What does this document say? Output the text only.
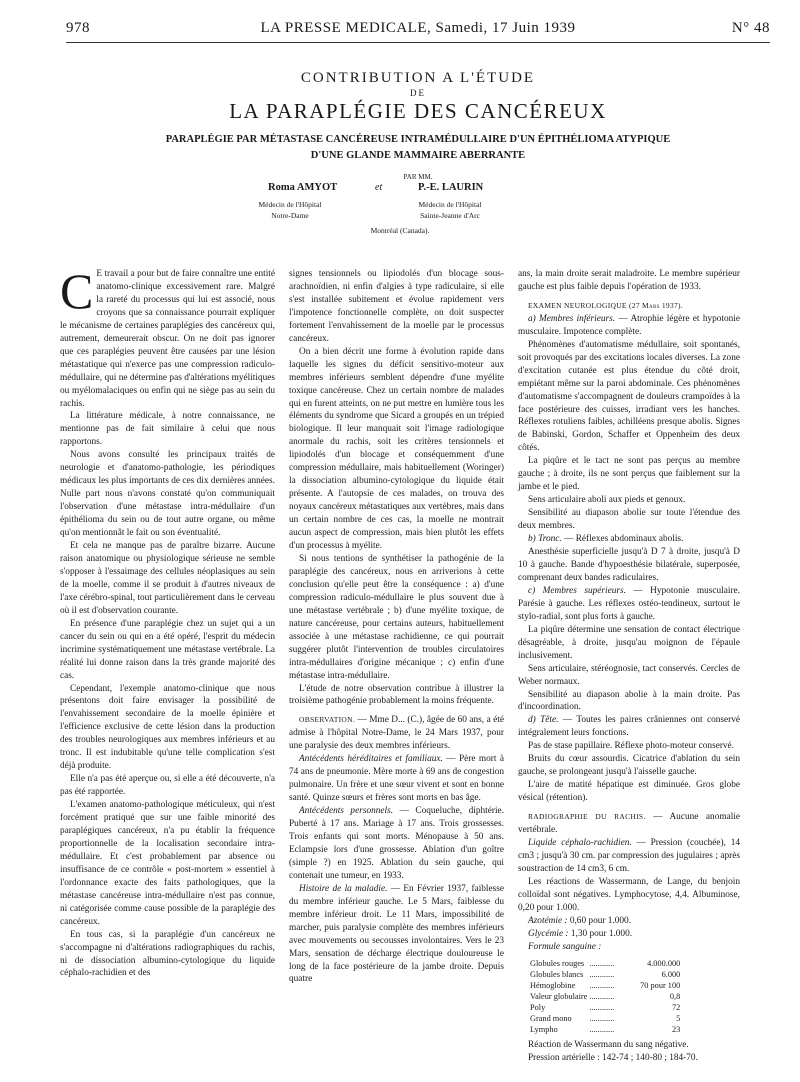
978	LA PRESSE MEDICALE, Samedi, 17 Juin 1939	N° 48

CONTRIBUTION A L'ÉTUDE

DE

LA PARAPLÉGIE DES CANCÉREUX

PARAPLÉGIE PAR MÉTASTASE CANCÉREUSE INTRAMÉDULLAIRE D'UN ÉPITHÉLIOMA ATYPIQUE

D'UNE GLANDE MAMMAIRE ABERRANTE

PAR MM.

Roma AMYOT	et	P.-E. LAURIN
Médecin de l'Hôpital Notre-Dame
Médecin de l'Hôpital Sainte-Jeanne d'Arc
Montréal (Canada).

C E travail a pour but de faire connaître une entité anatomo-clinique excessivement rare. Malgré la rareté du processus qui lui est associé, nous croyons que sa connaissance pourrait expliquer le mécanisme de certaines paraplégies des cancéreux qui, autrement, demeurerait obscur. On ne doit pas ignorer que ces paraplégies peuvent être causées par une lésion métastatique qui n'exerce pas une compression radiculo-médullaire, qui ne détermine pas d'altérations myélitiques ou myélomalaciques ou enfin qui ne siège pas au sein du rachis.

La littérature médicale, à notre connaissance, ne mentionne pas de fait similaire à celui que nous rapportons.

Nous avons consulté les principaux traités de neurologie et d'anatomo-pathologie, les périodiques médicaux les plus importants de ces dix dernières années. Nulle part nous n'avons constaté qu'on communiquait l'observation d'une métastase intra-médullaire d'un épithélioma du sein ou de tout autre organe, ou même qu'on mentionnât le fait ou son éventualité.

Et cela ne manque pas de paraître bizarre. Aucune raison anatomique ou physiologique sérieuse ne semble s'opposer à l'essaimage des cellules néoplasiques au sein de la moelle, comme il se produit à d'autres niveaux de l'axe cérébro-spinal, tout particulièrement dans le cerveau où il est d'observation courante.

En présence d'une paraplégie chez un sujet qui a un cancer du sein ou qui en a été opéré, l'esprit du médecin incrimine systématiquement une métastase vertébrale. La réalité lui donne raison dans la très grande majorité des cas.

Cependant, l'exemple anatomo-clinique que nous présentons doit faire envisager la possibilité de l'envahissement secondaire de la moelle épinière et l'efficience exclusive de cette lésion dans la production des troubles neurologiques aux membres inférieurs et au tronc. Il est indubitable qu'une telle complication s'est déjà produite.

Elle n'a pas été aperçue ou, si elle a été découverte, n'a pas été rapportée.

L'examen anatomo-pathologique méticuleux, qui n'est forcément pratiqué que sur une faible minorité des paraplégiques cancéreux, n'a pu établir la fréquence proportionnelle de la localisation secondaire intra-médullaire. Et c'est probablement par absence ou insuffisance de ce contrôle « post-mortem » essentiel à l'ordonnance exacte des faits pathologiques, que la métastase cancéreuse intra-médullaire n'est pas connue, ni catégorisée comme cause possible de la paraplégie des cancéreux.

En tous cas, si la paraplégie d'un cancéreux ne s'accompagne ni d'altérations radiographiques du rachis, ni de dissociation albumino-cytologique du liquide céphalo-rachidien et des

signes tensionnels ou lipiodolés d'un blocage sous-arachnoïdien, ni enfin d'algies à type radiculaire, si elle s'est installée subitement et évolue rapidement vers l'impotence fonctionnelle complète, on doit suspecter fortement l'envahissement de la moelle par le processus cancéreux.

On a bien décrit une forme à évolution rapide dans laquelle les signes du déficit sensitivo-moteur aux membres inférieurs semblent dépendre d'une myélite toxique cancéreuse. Chez un certain nombre de malades qui en furent atteints, on ne put mettre en lumière tous les éléments du syndrome que Sicard a groupés en un trépied biologique. Il leur manquait soit l'image radiologique anormale du rachis, soit les critères tensionnels et lipiodolés d'un blocage et conséquemment d'une compression médullaire, mais habituellement (Woringer) la dissociation albumino-cytologique du liquide était présente. A l'autopsie de ces malades, on trouva des noyaux cancéreux métastatiques aux vertèbres, mais dans un certain nombre de ces cas, la moelle ne montrait aucun aspect de compression, mais bien plutôt les effets d'un processus à myélite.

Si nous tentions de synthétiser la pathogénie de la paraplégie des cancéreux, nous en arriverions à cette conclusion qu'elle peut être la conséquence : a) d'une compression radiculo-médullaire le plus souvent due à une métastase vertébrale ; b) d'une myélite toxique, de nature cancéreuse, pour certains auteurs, habituellement associée à une métastase rachidienne, ce qui pourrait suggérer plutôt l'intervention de troubles circulatoires intra-médullaires d'origine mécanique ; c) enfin d'une métastase intra-médullaire.

L'étude de notre observation contribue à illustrer la troisième pathogénie probablement la moins fréquente.

OBSERVATION. — Mme D... (C.), âgée de 60 ans, a été admise à l'hôpital Notre-Dame, le 24 Mars 1937, pour une paralysie des deux membres inférieurs.

Antécédents héréditaires et familiaux. — Père mort à 74 ans de pneumonie. Mère morte à 69 ans de congestion pulmonaire. Un frère et une sœur vivent et sont en bonne santé. Quinze sœurs et frères sont morts en bas âge.

Antécédents personnels. — Coqueluche, diphtérie. Puberté à 17 ans. Mariage à 17 ans. Trois grossesses. Trois enfants qui sont morts. Ménopause à 50 ans. Eclampsie lors d'une grossesse. Ablation d'un goître (simple ?) en 1925. Ablation du sein gauche, qui contenait une tumeur, en 1933.

Histoire de la maladie. — En Février 1937, faiblesse du membre inférieur gauche. Le 5 Mars, faiblesse du membre inférieur droit. Le 11 Mars, impossibilité de marcher, puis paralysie complète des membres inférieurs avec mouvements ou secousses involontaires. Vers le 23 Mars, sensation de décharge électrique douloureuse le long de la face postérieure de la jambe droite. Depuis quatre

ans, la main droite serait maladroite. Le membre supérieur gauche est plus faible depuis l'opération de 1933.

EXAMEN NEUROLOGIQUE (27 Mars 1937).

a) Membres inférieurs. — Atrophie légère et hypotonie musculaire. Impotence complète.

Phénomènes d'automatisme médullaire, soit spontanés, soit provoqués par des excitations locales diverses. La zone d'excitation cutanée est plus étendue du côté droit, empiétant même sur la paroi abdominale. Ces phénomènes d'automatisme s'accompagnent de douleurs crampoïdes à la face postérieure des cuisses, irradiant vers les hanches. Réflexes rotuliens faibles, achilléens presque abolis. Signes de Babinski, Gordon, Schaffer et Oppenheim des deux côtés.

La piqûre et le tact ne sont pas perçus au membre gauche ; à droite, ils ne sont perçus que faiblement sur la jambe et le pied.

Sens articulaire aboli aux pieds et genoux.

Sensibilité au diapason abolie sur toute l'étendue des deux membres.

b) Tronc. — Réflexes abdominaux abolis.

Anesthésie superficielle jusqu'à D 7 à droite, jusqu'à D 10 à gauche. Bande d'hypoesthésie bilatérale, superposée, comprenant deux bandes radiculaires.

c) Membres supérieurs. — Hypotonie musculaire. Parésie à gauche. Les réflexes ostéo-tendineux, surtout le stylo-radial, sont plus forts à gauche.

La piqûre détermine une sensation de contact électrique désagréable, à droite, jusqu'au moignon de l'épaule inclusivement.

Sens articulaire, stéréognosie, tact conservés. Cercles de Weber normaux.

Sensibilité au diapason abolie à la main droite. Pas d'incoordination.

d) Tête. — Toutes les paires crâniennes ont conservé intégralement leurs fonctions.

Pas de stase papillaire. Réflexe photo-moteur conservé.

Bruits du cœur assourdis. Cicatrice d'ablation du sein gauche, se prolongeant jusqu'à l'aisselle gauche.

L'aire de matité hépatique est diminuée. Gros globe vésical (rétention).

RADIOGRAPHIE DU RACHIS. — Aucune anomalie vertébrale.

Liquide céphalo-rachidien. — Pression (couchée), 14 cm3 ; jusqu'à 30 cm. par compression des jugulaires ; après soustraction de 14 cm3, 6 cm.

Les réactions de Wassermann, de Lange, du benjoin colloïdal sont négatives. Lymphocytose, 4,4. Albuminose, 0,20 pour 1.000.

Azotémie : 0,60 pour 1.000.

Glycémie : 1,30 pour 1.000.

Formule sanguine :

Globules rouges	............	4.000.000
Globules blancs	............	6.000
Hémoglobine	............	70 pour 100
Valeur globulaire	............	0,8
Poly	............	72
Grand mono	............	5
Lympho	............	23

Réaction de Wassermann du sang négative.

Pression artérielle : 142-74 ; 140-80 ; 184-70.
